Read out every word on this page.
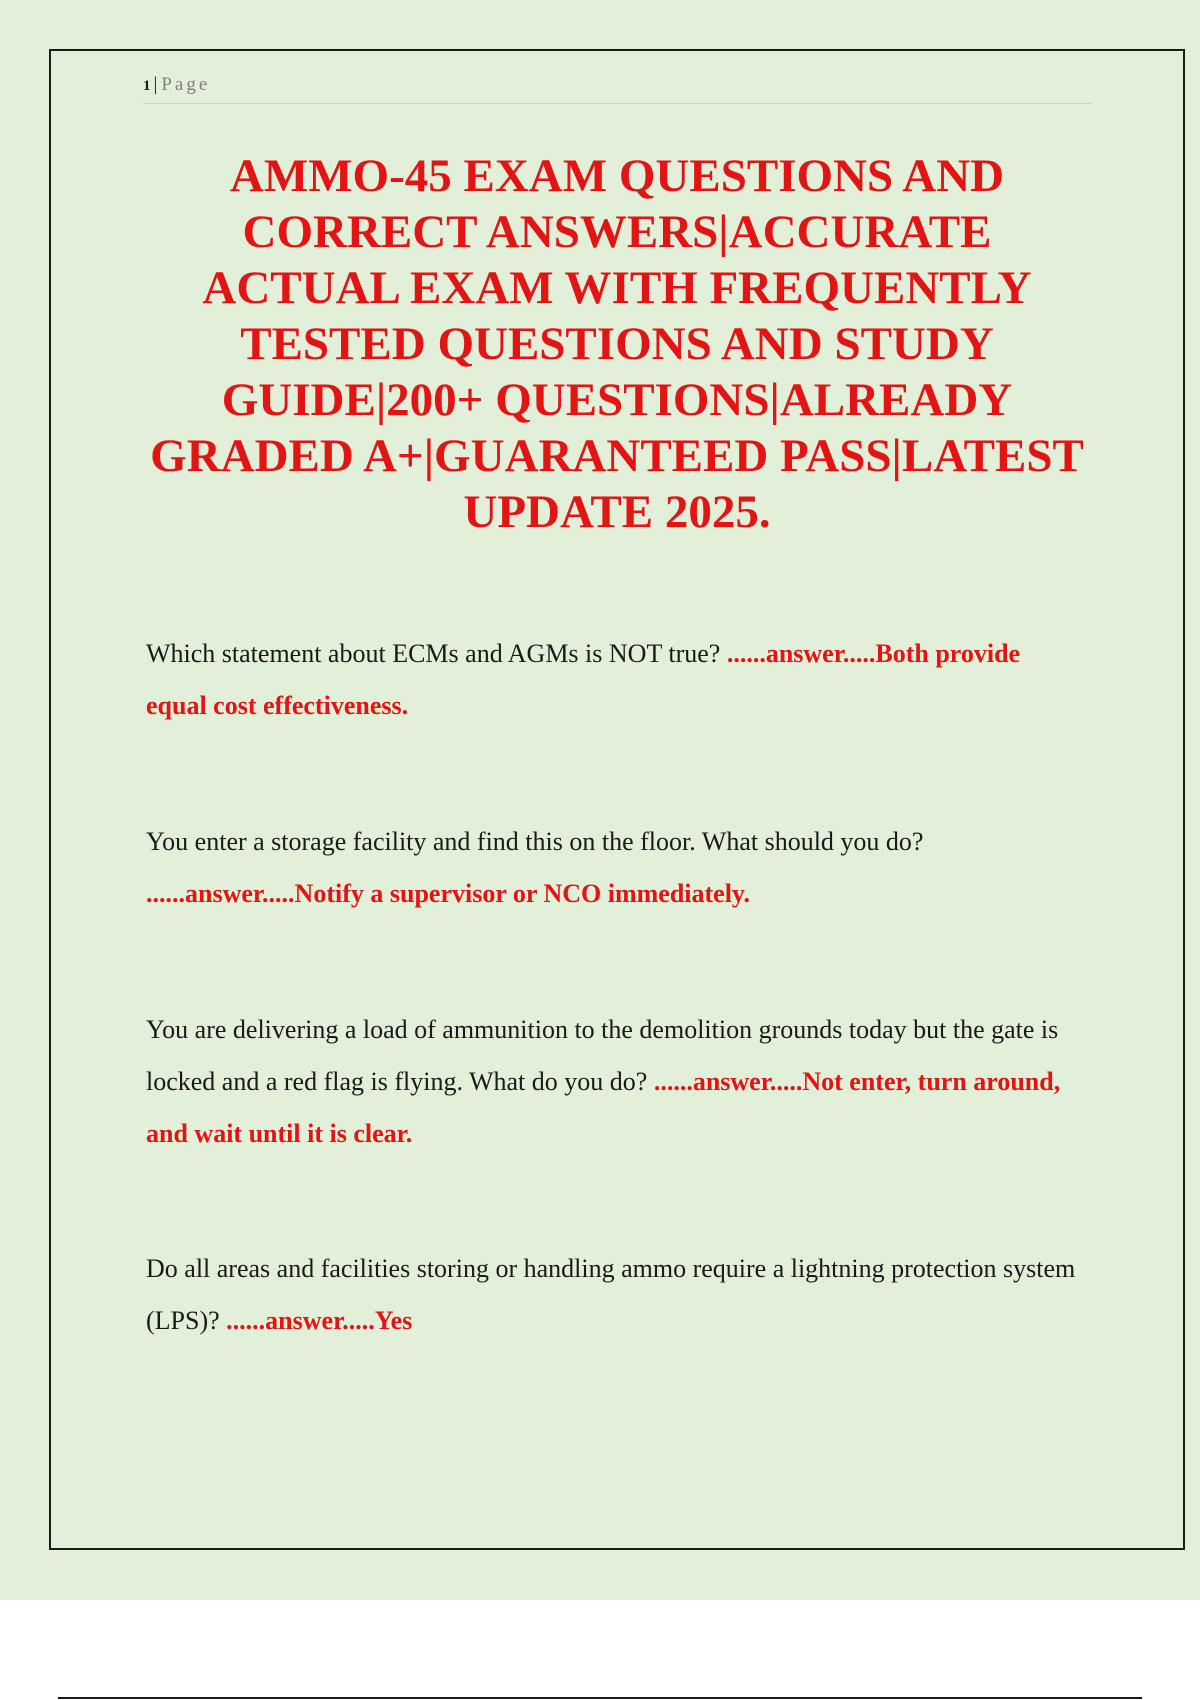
1 | Page
AMMO-45 EXAM QUESTIONS AND CORRECT ANSWERS|ACCURATE ACTUAL EXAM WITH FREQUENTLY TESTED QUESTIONS AND STUDY GUIDE|200+ QUESTIONS|ALREADY GRADED A+|GUARANTEED PASS|LATEST UPDATE 2025.

Which statement about ECMs and AGMs is NOT true? ......answer.....Both provide equal cost effectiveness.

You enter a storage facility and find this on the floor. What should you do? ......answer.....Notify a supervisor or NCO immediately.

You are delivering a load of ammunition to the demolition grounds today but the gate is locked and a red flag is flying. What do you do? ......answer.....Not enter, turn around, and wait until it is clear.

Do all areas and facilities storing or handling ammo require a lightning protection system (LPS)? ......answer.....Yes
